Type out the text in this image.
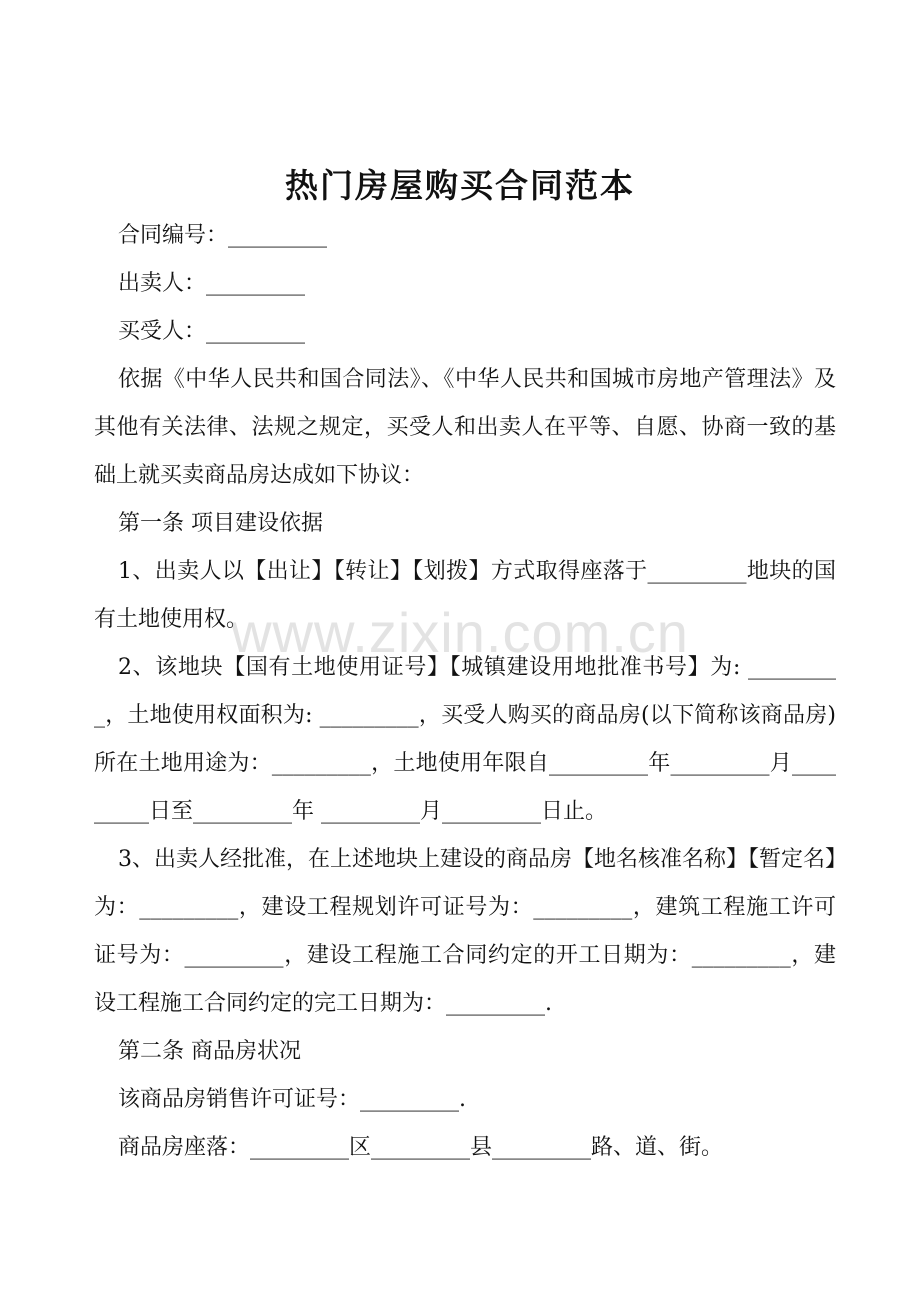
www.zixin.com.cn
热门房屋购买合同范本

合同编号：_________

出卖人：_________

买受人：_________

依据《中华人民共和国合同法》、《中华人民共和国城市房地产管理法》及其他有关法律、法规之规定，买受人和出卖人在平等、自愿、协商一致的基础上就买卖商品房达成如下协议：

第一条 项目建设依据

1、出卖人以【出让】【转让】【划拨】方式取得座落于_________地块的国有土地使用权。

2、该地块【国有土地使用证号】【城镇建设用地批准书号】为: _________，土地使用权面积为: _________，买受人购买的商品房(以下简称该商品房)所在土地用途为：_________，土地使用年限自_________年_________月_________日至_________年 _________月_________日止。

3、出卖人经批准，在上述地块上建设的商品房【地名核准名称】【暂定名】为：_________，建设工程规划许可证号为：_________，建筑工程施工许可证号为：_________，建设工程施工合同约定的开工日期为：_________，建设工程施工合同约定的完工日期为：_________.

第二条 商品房状况

该商品房销售许可证号：_________.

商品房座落：_________区_________县_________路、道、街。
